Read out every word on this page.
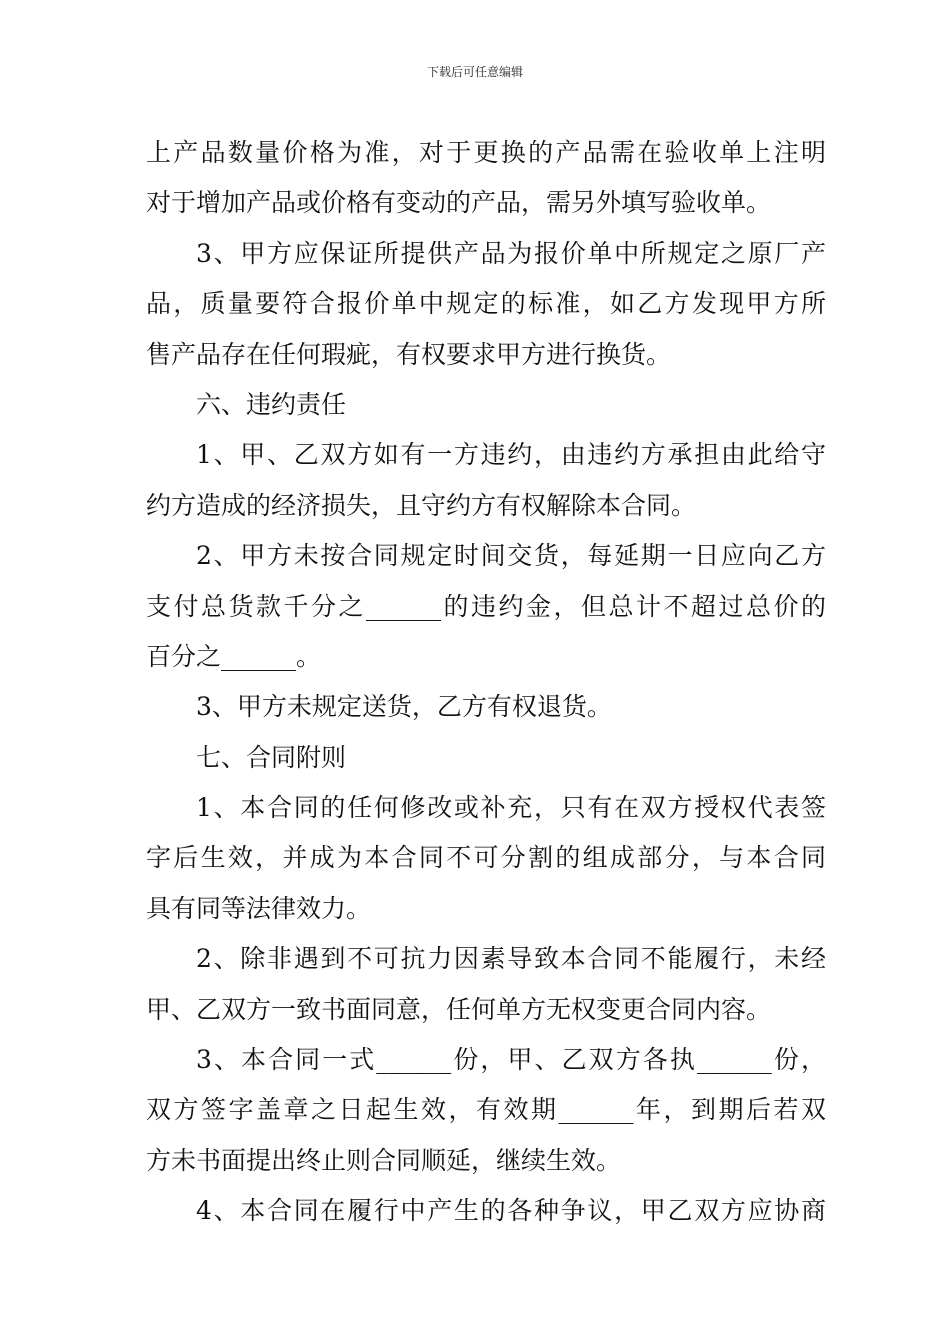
下载后可任意编辑
上产品数量价格为准，对于更换的产品需在验收单上注明
对于增加产品或价格有变动的产品，需另外填写验收单。
3、甲方应保证所提供产品为报价单中所规定之原厂产
品，质量要符合报价单中规定的标准，如乙方发现甲方所
售产品存在任何瑕疵，有权要求甲方进行换货。
六、违约责任
1、甲、乙双方如有一方违约，由违约方承担由此给守
约方造成的经济损失，且守约方有权解除本合同。
2、甲方未按合同规定时间交货，每延期一日应向乙方
支付总货款千分之______的违约金，但总计不超过总价的
百分之______。
3、甲方未规定送货，乙方有权退货。
七、合同附则
1、本合同的任何修改或补充，只有在双方授权代表签
字后生效，并成为本合同不可分割的组成部分，与本合同
具有同等法律效力。
2、除非遇到不可抗力因素导致本合同不能履行，未经
甲、乙双方一致书面同意，任何单方无权变更合同内容。
3、本合同一式______份，甲、乙双方各执______份，
双方签字盖章之日起生效，有效期______年，到期后若双
方未书面提出终止则合同顺延，继续生效。
4、本合同在履行中产生的各种争议，甲乙双方应协商
